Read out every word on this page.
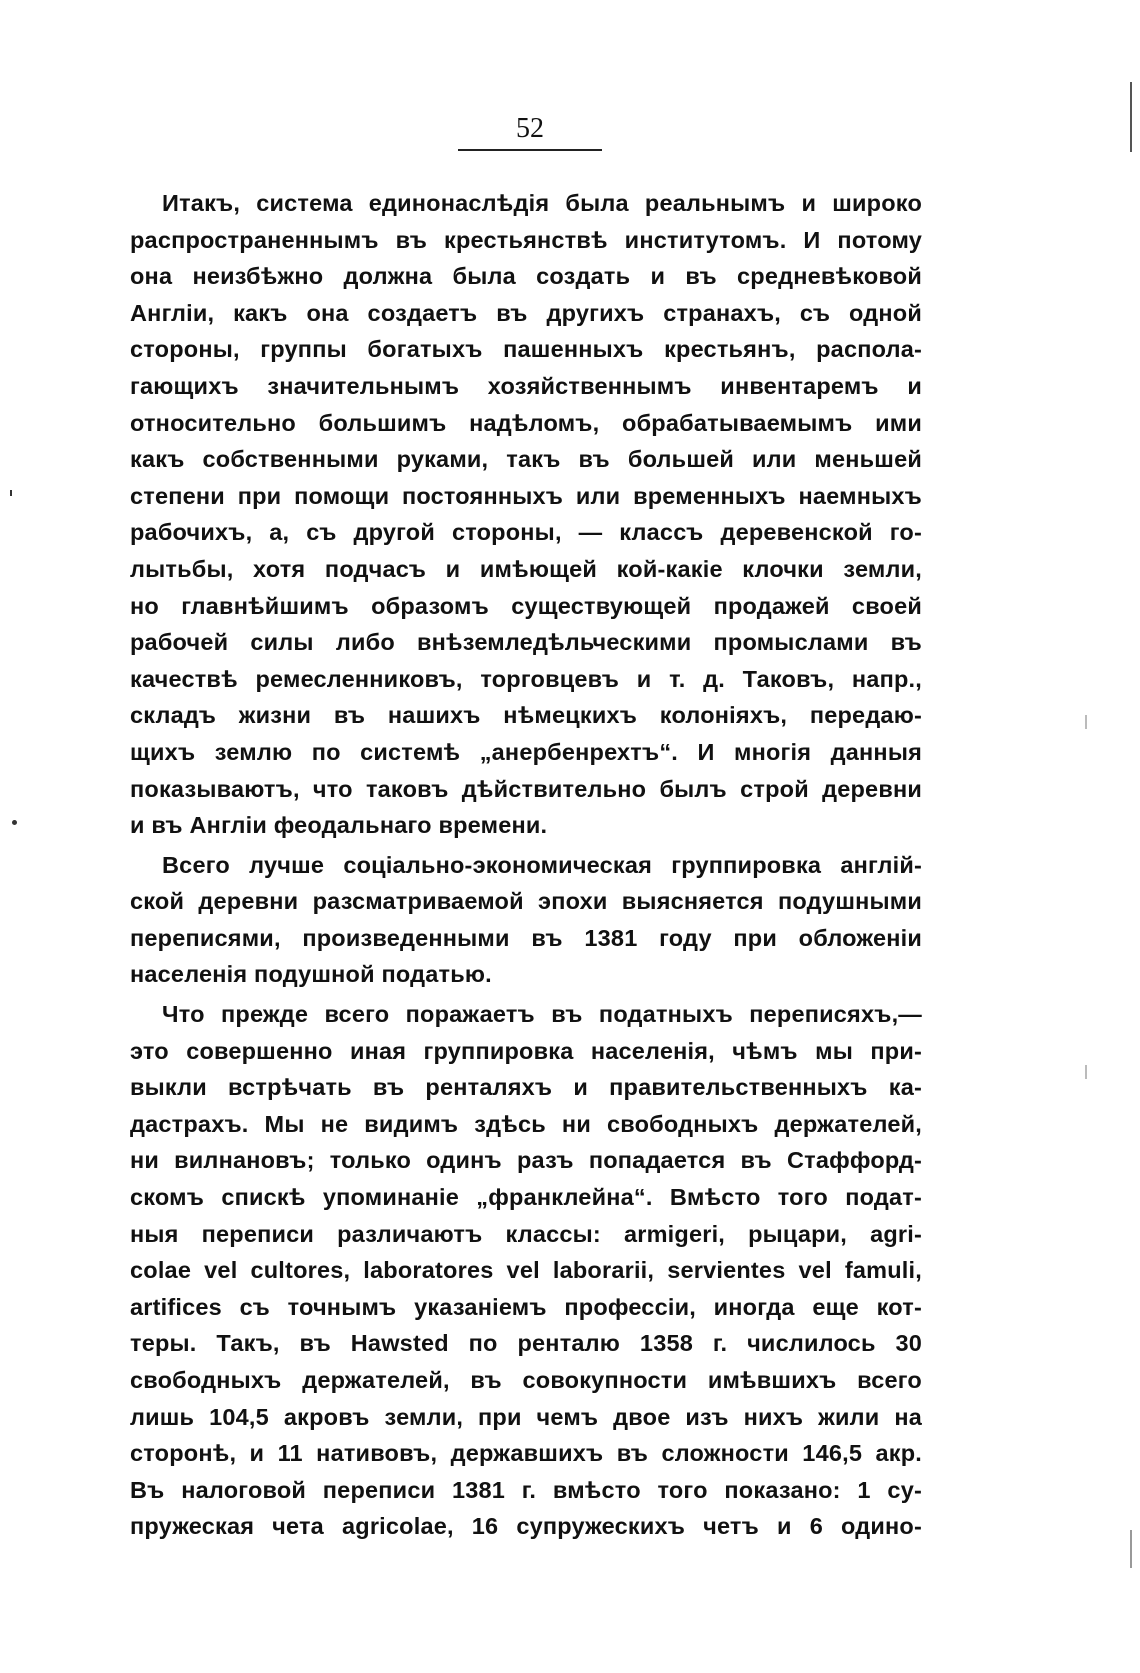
52
Итакъ, система единонаслѣдія была реальнымъ и широко
распространеннымъ въ крестьянствѣ институтомъ. И потому
она неизбѣжно должна была создать и въ средневѣковой
Англіи, какъ она создаетъ въ другихъ странахъ, съ одной
стороны, группы богатыхъ пашенныхъ крестьянъ, распола-
гающихъ значительнымъ хозяйственнымъ инвентаремъ и
относительно большимъ надѣломъ, обрабатываемымъ ими
какъ собственными руками, такъ въ большей или меньшей
степени при помощи постоянныхъ или временныхъ наемныхъ
рабочихъ, а, съ другой стороны, — классъ деревенской го-
лытьбы, хотя подчасъ и имѣющей кой-какіе клочки земли,
но главнѣйшимъ образомъ существующей продажей своей
рабочей силы либо внѣземледѣльческими промыслами въ
качествѣ ремесленниковъ, торговцевъ и т. д. Таковъ, напр.,
складъ жизни въ нашихъ нѣмецкихъ колоніяхъ, передаю-
щихъ землю по системѣ „анербенрехтъ“. И многія данныя
показываютъ, что таковъ дѣйствительно былъ строй деревни
и въ Англіи феодальнаго времени.
Всего лучше соціально-экономическая группировка англій-
ской деревни разсматриваемой эпохи выясняется подушными
переписями, произведенными въ 1381 году при обложеніи
населенія подушной податью.
Что прежде всего поражаетъ въ податныхъ переписяхъ,—
это совершенно иная группировка населенія, чѣмъ мы при-
выкли встрѣчать въ ренталяхъ и правительственныхъ ка-
дастрахъ. Мы не видимъ здѣсь ни свободныхъ держателей,
ни вилнановъ; только одинъ разъ попадается въ Стаффорд-
скомъ спискѣ упоминаніе „франклейна“. Вмѣсто того подат-
ныя переписи различаютъ классы: armigeri, рыцари, agri-
colae vel cultores, laboratores vel laborarii, servientes vel famuli,
artifices съ точнымъ указаніемъ профессіи, иногда еще кот-
теры. Такъ, въ Hawsted по ренталю 1358 г. числилось 30
свободныхъ держателей, въ совокупности имѣвшихъ всего
лишь 104,5 акровъ земли, при чемъ двое изъ нихъ жили на
сторонѣ, и 11 нативовъ, державшихъ въ сложности 146,5 акр.
Въ налоговой переписи 1381 г. вмѣсто того показано: 1 су-
пружеская чета agricolae, 16 супружескихъ четъ и 6 одино-
